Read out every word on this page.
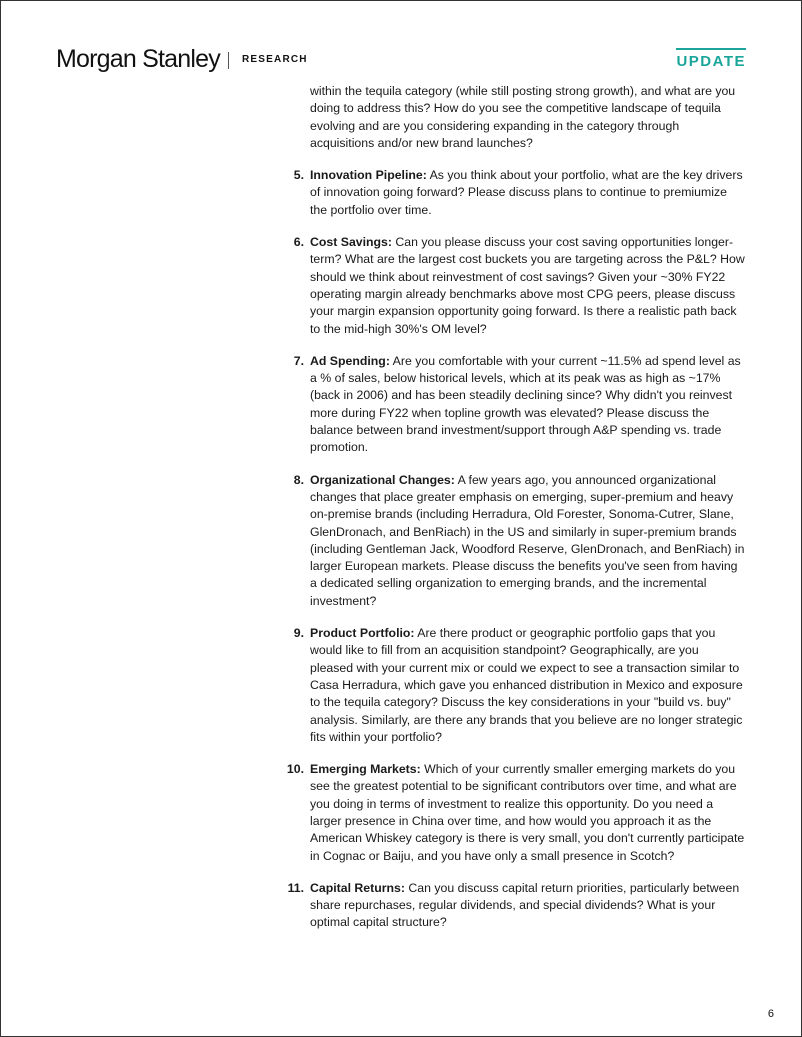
Morgan Stanley RESEARCH	UPDATE

within the tequila category (while still posting strong growth), and what are you doing to address this? How do you see the competitive landscape of tequila evolving and are you considering expanding in the category through acquisitions and/or new brand launches?

5. Innovation Pipeline: As you think about your portfolio, what are the key drivers of innovation going forward? Please discuss plans to continue to premiumize the portfolio over time.
6. Cost Savings: Can you please discuss your cost saving opportunities longer-term? What are the largest cost buckets you are targeting across the P&L? How should we think about reinvestment of cost savings? Given your ~30% FY22 operating margin already benchmarks above most CPG peers, please discuss your margin expansion opportunity going forward. Is there a realistic path back to the mid-high 30%'s OM level?
7. Ad Spending: Are you comfortable with your current ~11.5% ad spend level as a % of sales, below historical levels, which at its peak was as high as ~17% (back in 2006) and has been steadily declining since? Why didn't you reinvest more during FY22 when topline growth was elevated? Please discuss the balance between brand investment/support through A&P spending vs. trade promotion.
8. Organizational Changes: A few years ago, you announced organizational changes that place greater emphasis on emerging, super-premium and heavy on-premise brands (including Herradura, Old Forester, Sonoma-Cutrer, Slane, GlenDronach, and BenRiach) in the US and similarly in super-premium brands (including Gentleman Jack, Woodford Reserve, GlenDronach, and BenRiach) in larger European markets. Please discuss the benefits you've seen from having a dedicated selling organization to emerging brands, and the incremental investment?
9. Product Portfolio: Are there product or geographic portfolio gaps that you would like to fill from an acquisition standpoint? Geographically, are you pleased with your current mix or could we expect to see a transaction similar to Casa Herradura, which gave you enhanced distribution in Mexico and exposure to the tequila category? Discuss the key considerations in your "build vs. buy" analysis. Similarly, are there any brands that you believe are no longer strategic fits within your portfolio?
10. Emerging Markets: Which of your currently smaller emerging markets do you see the greatest potential to be significant contributors over time, and what are you doing in terms of investment to realize this opportunity. Do you need a larger presence in China over time, and how would you approach it as the American Whiskey category is there is very small, you don't currently participate in Cognac or Baiju, and you have only a small presence in Scotch?
11. Capital Returns: Can you discuss capital return priorities, particularly between share repurchases, regular dividends, and special dividends? What is your optimal capital structure?
6
